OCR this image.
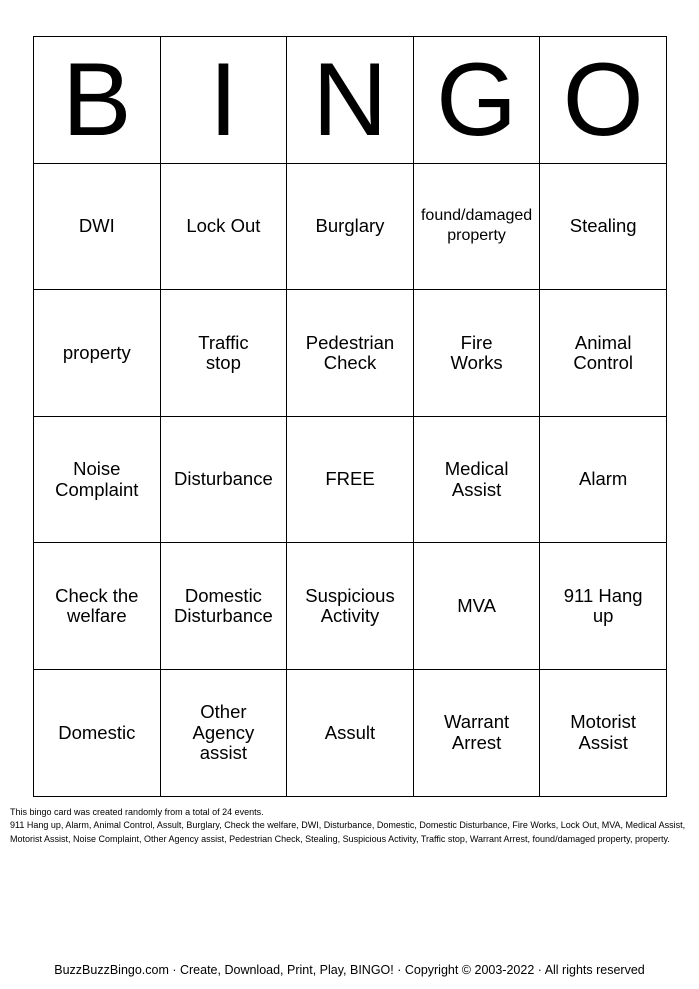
B	I	N	G	O
DWI	Lock Out	Burglary	found/damaged property	Stealing
property	Traffic stop	Pedestrian Check	Fire Works	Animal Control
Noise Complaint	Disturbance	FREE	Medical Assist	Alarm
Check the welfare	Domestic Disturbance	Suspicious Activity	MVA	911 Hang up
Domestic	Other Agency assist	Assult	Warrant Arrest	Motorist Assist
This bingo card was created randomly from a total of 24 events.
911 Hang up, Alarm, Animal Control, Assult, Burglary, Check the welfare, DWI, Disturbance, Domestic, Domestic Disturbance, Fire Works, Lock Out, MVA, Medical Assist, Motorist Assist, Noise Complaint, Other Agency assist, Pedestrian Check, Stealing, Suspicious Activity, Traffic stop, Warrant Arrest, found/damaged property, property.
BuzzBuzzBingo.com · Create, Download, Print, Play, BINGO! · Copyright © 2003-2022 · All rights reserved
